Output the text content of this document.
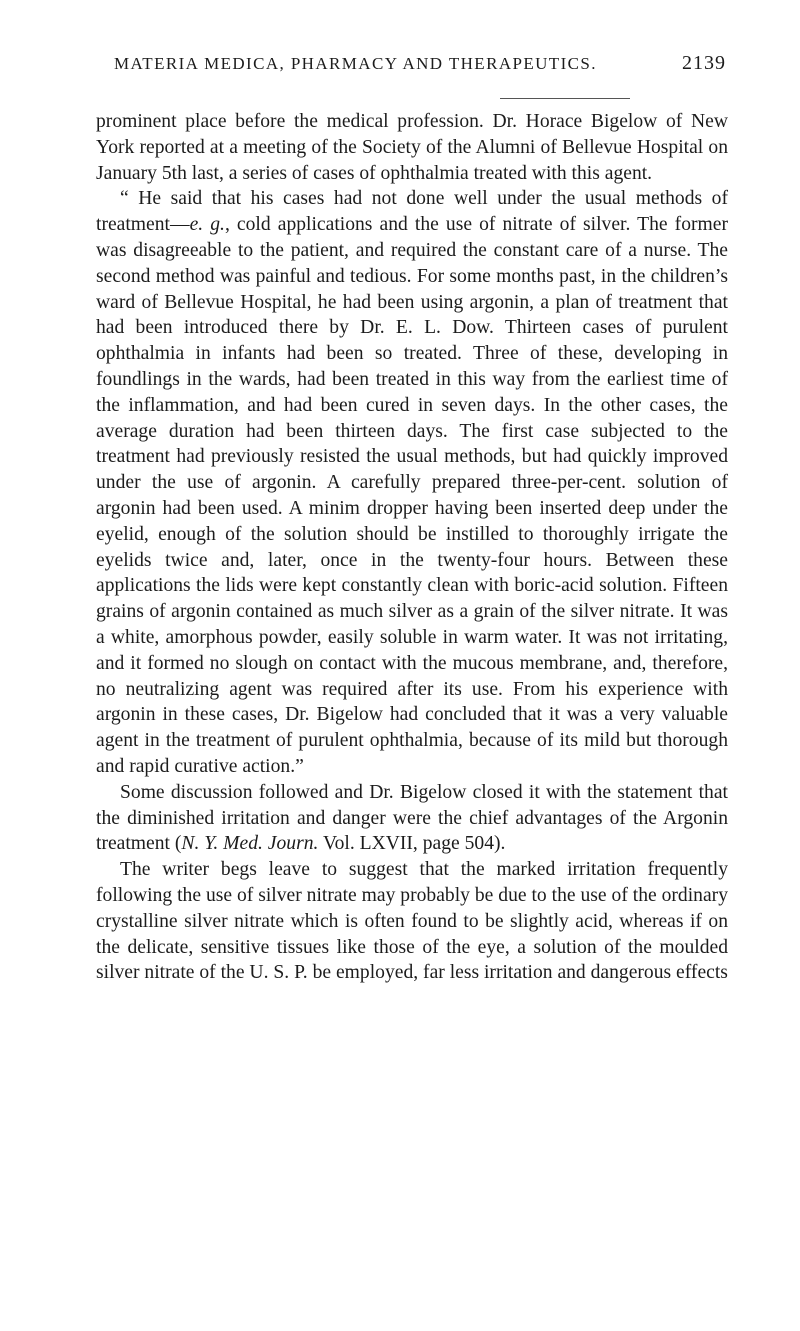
MATERIA MEDICA, PHARMACY AND THERAPEUTICS.	2139

prominent place before the medical profession. Dr. Horace Bigelow of New York reported at a meeting of the Society of the Alumni of Bellevue Hospital on January 5th last, a series of cases of ophthalmia treated with this agent.

“ He said that his cases had not done well under the usual methods of treatment—e. g., cold applications and the use of nitrate of silver. The former was disagreeable to the patient, and required the constant care of a nurse. The second method was painful and tedious. For some months past, in the children’s ward of Bellevue Hospital, he had been using argonin, a plan of treatment that had been introduced there by Dr. E. L. Dow. Thirteen cases of purulent ophthalmia in infants had been so treated. Three of these, developing in foundlings in the wards, had been treated in this way from the earliest time of the inflammation, and had been cured in seven days. In the other cases, the average duration had been thirteen days. The first case subjected to the treatment had previously resisted the usual methods, but had quickly improved under the use of argonin. A carefully prepared three-per-cent. solution of argonin had been used. A minim dropper having been inserted deep under the eyelid, enough of the solution should be instilled to thoroughly irrigate the eyelids twice and, later, once in the twenty-four hours. Between these applications the lids were kept constantly clean with boric-acid solution. Fifteen grains of argonin contained as much silver as a grain of the silver nitrate. It was a white, amorphous powder, easily soluble in warm water. It was not irritating, and it formed no slough on contact with the mucous membrane, and, therefore, no neutralizing agent was required after its use. From his experience with argonin in these cases, Dr. Bigelow had concluded that it was a very valuable agent in the treatment of purulent ophthalmia, because of its mild but thorough and rapid curative action.”

Some discussion followed and Dr. Bigelow closed it with the statement that the diminished irritation and danger were the chief advantages of the Argonin treatment (N. Y. Med. Journ. Vol. LXVII, page 504).

The writer begs leave to suggest that the marked irritation frequently following the use of silver nitrate may probably be due to the use of the ordinary crystalline silver nitrate which is often found to be slightly acid, whereas if on the delicate, sensitive tissues like those of the eye, a solution of the moulded silver nitrate of the U. S. P. be employed, far less irritation and dangerous effects
